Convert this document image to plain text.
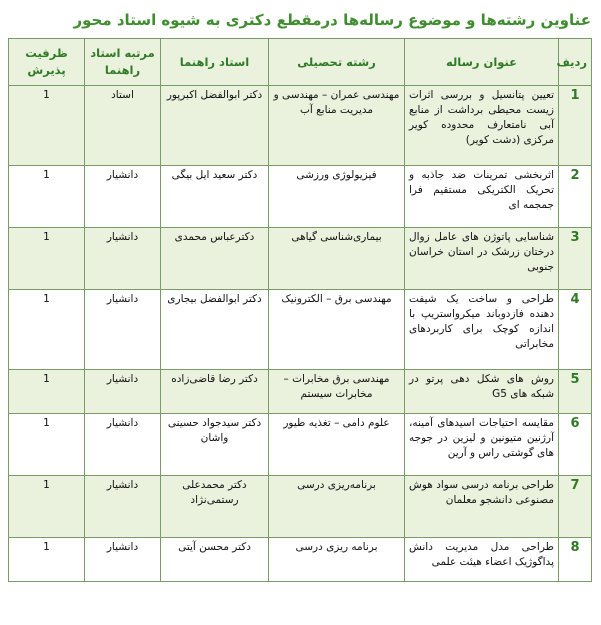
عناوین رشته‌ها و موضوع رساله‌ها درمقطع دکتری به شیوه استاد محور
ردیف	عنوان رساله	رشته تحصیلی	استاد راهنما	مرتبه استاد راهنما	ظرفیت پذیرش
1	تعیین پتانسیل و بررسی اثرات زیست محیطی برداشت از منابع آبی نامتعارف محدوده کویر مرکزی (دشت کویر)	مهندسی عمران – مهندسی و مدیریت منابع آب	دکتر ابوالفضل اکبرپور	استاد	1
2	اثربخشی تمرینات ضد جاذبه و تحریک الکتریکی مستقیم فرا جمجمه ای	فیزیولوژی ورزشی	دکتر سعید ایل بیگی	دانشیار	1
3	شناسایی پاتوژن های عامل زوال درختان زرشک در استان خراسان جنوبی	بیماری‌شناسی گیاهی	دکترعباس محمدی	دانشیار	1
4	طراحی و ساخت یک شیفت دهنده فازدوباند میکرواستریپ با اندازه کوچک برای کاربردهای مخابراتی	مهندسی برق – الکترونیک	دکتر ابوالفضل بیجاری	دانشیار	1
5	روش های شکل دهی پرتو در شبکه های G5	مهندسی برق مخابرات – مخابرات سیستم	دکتر رضا قاضی‌زاده	دانشیار	1
6	مقایسه احتیاجات اسیدهای آمینه، آرژنین متیونین و لیزین در جوجه های گوشتی راس و آرین	علوم دامی – تغذیه طیور	دکتر سیدجواد حسینی واشان	دانشیار	1
7	طراحی برنامه درسی سواد هوش مصنوعی دانشجو معلمان	برنامه‌ریزی درسی	دکتر محمدعلی رستمی‌نژاد	دانشیار	1
8	طراحی مدل مدیریت دانش پداگوژیک اعضاء هیئت علمی	برنامه ریزی درسی	دکتر محسن آیتی	دانشیار	1
